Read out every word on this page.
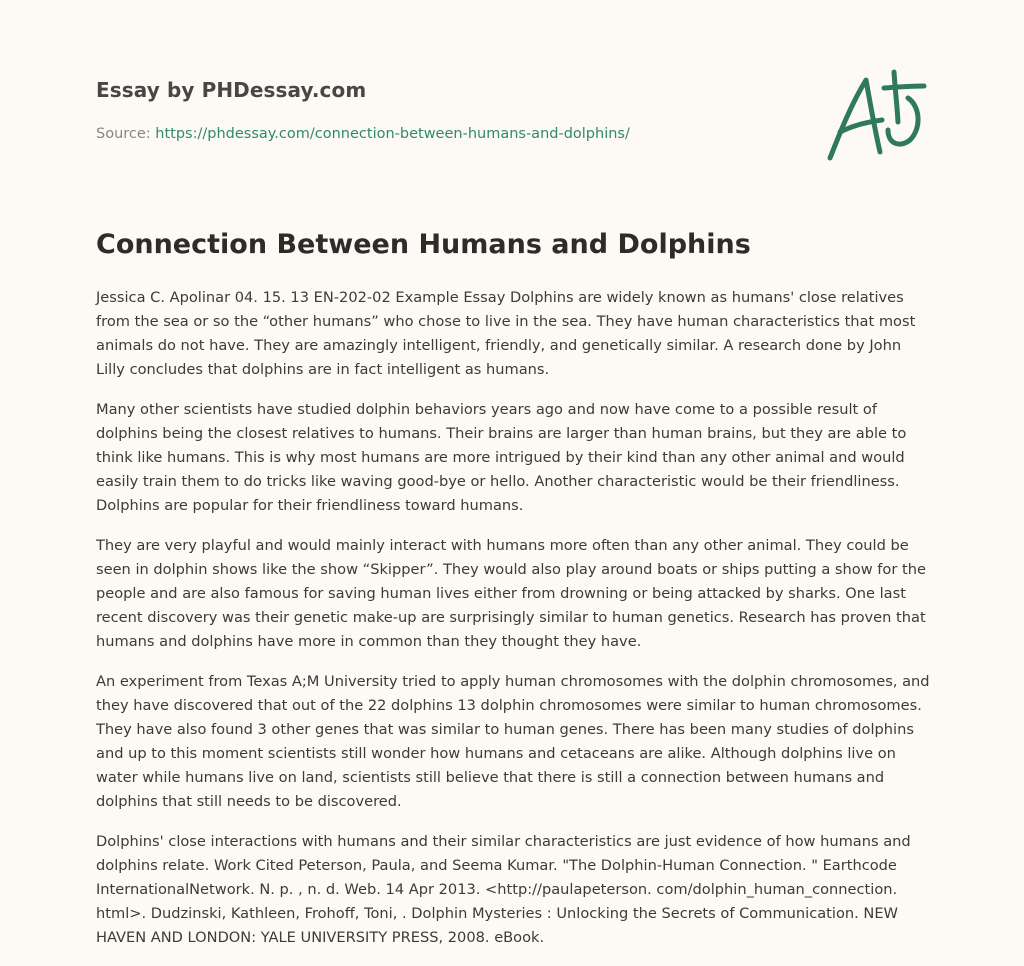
Essay by PHDessay.com
Source: https://phdessay.com/connection-between-humans-and-dolphins/
A+
Connection Between Humans and Dolphins

Jessica C. Apolinar 04. 15. 13 EN-202-02 Example Essay Dolphins are widely known as humans' close relatives from the sea or so the “other humans” who chose to live in the sea. They have human characteristics that most animals do not have. They are amazingly intelligent, friendly, and genetically similar. A research done by John Lilly concludes that dolphins are in fact intelligent as humans.

Many other scientists have studied dolphin behaviors years ago and now have come to a possible result of dolphins being the closest relatives to humans. Their brains are larger than human brains, but they are able to think like humans. This is why most humans are more intrigued by their kind than any other animal and would easily train them to do tricks like waving good-bye or hello. Another characteristic would be their friendliness. Dolphins are popular for their friendliness toward humans.

They are very playful and would mainly interact with humans more often than any other animal. They could be seen in dolphin shows like the show “Skipper”. They would also play around boats or ships putting a show for the people and are also famous for saving human lives either from drowning or being attacked by sharks. One last recent discovery was their genetic make-up are surprisingly similar to human genetics. Research has proven that humans and dolphins have more in common than they thought they have.

An experiment from Texas A;M University tried to apply human chromosomes with the dolphin chromosomes, and they have discovered that out of the 22 dolphins 13 dolphin chromosomes were similar to human chromosomes. They have also found 3 other genes that was similar to human genes. There has been many studies of dolphins and up to this moment scientists still wonder how humans and cetaceans are alike. Although dolphins live on water while humans live on land, scientists still believe that there is still a connection between humans and dolphins that still needs to be discovered.

Dolphins' close interactions with humans and their similar characteristics are just evidence of how humans and dolphins relate. Work Cited Peterson, Paula, and Seema Kumar. "The Dolphin-Human Connection. " Earthcode InternationalNetwork. N. p. , n. d. Web. 14 Apr 2013. <http://paulapeterson. com/dolphin_human_connection. html>. Dudzinski, Kathleen, Frohoff, Toni, . Dolphin Mysteries : Unlocking the Secrets of Communication. NEW HAVEN AND LONDON: YALE UNIVERSITY PRESS, 2008. eBook.
